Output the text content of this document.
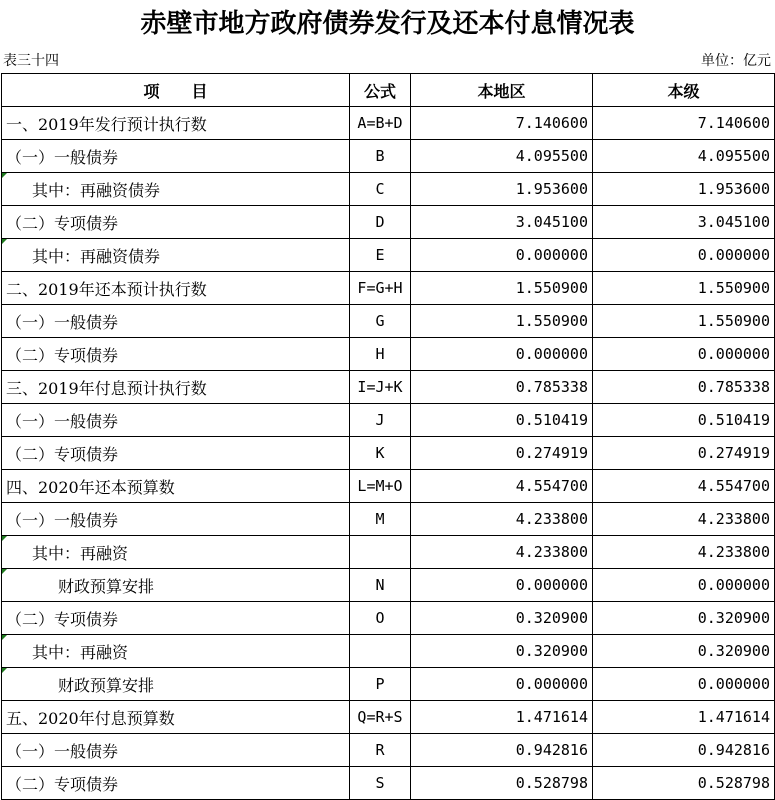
赤壁市地方政府债券发行及还本付息情况表
表三十四	单位：亿元
项　　目	公式	本地区	本级
一、2019年发行预计执行数	A=B+D	7.140600	7.140600
（一）一般债券	B	4.095500	4.095500

其中：再融资债券	C	1.953600	1.953600
（二）专项债券	D	3.045100	3.045100

其中：再融资债券	E	0.000000	0.000000
二、2019年还本预计执行数	F=G+H	1.550900	1.550900
（一）一般债券	G	1.550900	1.550900
（二）专项债券	H	0.000000	0.000000
三、2019年付息预计执行数	I=J+K	0.785338	0.785338
（一）一般债券	J	0.510419	0.510419
（二）专项债券	K	0.274919	0.274919
四、2020年还本预算数	L=M+O	4.554700	4.554700
（一）一般债券	M	4.233800	4.233800

其中：再融资		4.233800	4.233800

财政预算安排	N	0.000000	0.000000
（二）专项债券	O	0.320900	0.320900

其中：再融资		0.320900	0.320900

财政预算安排	P	0.000000	0.000000
五、2020年付息预算数	Q=R+S	1.471614	1.471614
（一）一般债券	R	0.942816	0.942816
（二）专项债券	S	0.528798	0.528798
